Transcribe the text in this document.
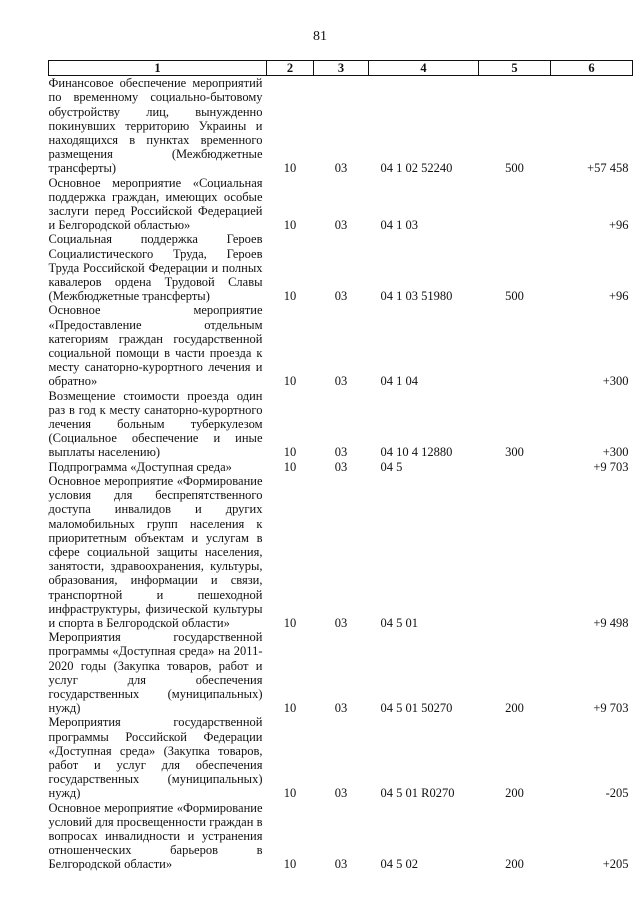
81
1	2	3	4	5	6
Финансовое обеспечение мероприятий по временному социально-бытовому обустройству лиц, вынужденно покинувших территорию Украины и находящихся в пунктах временного размещения (Межбюджетные трансферты)	10	03	04 1 02 52240	500	+57 458
Основное мероприятие «Социальная поддержка граждан, имеющих особые заслуги перед Российской Федерацией и Белгородской областью»	10	03	04 1 03		+96
Социальная поддержка Героев Социалистического Труда, Героев Труда Российской Федерации и полных кавалеров ордена Трудовой Славы (Межбюджетные трансферты)	10	03	04 1 03 51980	500	+96
Основное мероприятие «Предоставление отдельным категориям граждан государственной социальной помощи в части проезда к месту санаторно-курортного лечения и обратно»	10	03	04 1 04		+300
Возмещение стоимости проезда один раз в год к месту санаторно-курортного лечения больным туберкулезом (Социальное обеспечение и иные выплаты населению)	10	03	04 10 4 12880	300	+300
Подпрограмма «Доступная среда»	10	03	04 5		+9 703
Основное мероприятие «Формирование условия для беспрепятственного доступа инвалидов и других маломобильных групп населения к приоритетным объектам и услугам в сфере социальной защиты населения, занятости, здравоохранения, культуры, образования, информации и связи, транспортной и пешеходной инфраструктуры, физической культуры и спорта в Белгородской области»	10	03	04 5 01		+9 498
Мероприятия государственной программы «Доступная среда» на 2011-2020 годы (Закупка товаров, работ и услуг для обеспечения государственных (муниципальных) нужд)	10	03	04 5 01 50270	200	+9 703
Мероприятия государственной программы Российской Федерации «Доступная среда» (Закупка товаров, работ и услуг для обеспечения государственных (муниципальных) нужд)	10	03	04 5 01 R0270	200	-205
Основное мероприятие «Формирование условий для просвещенности граждан в вопросах инвалидности и устранения отношенческих барьеров в Белгородской области»	10	03	04 5 02	200	+205
